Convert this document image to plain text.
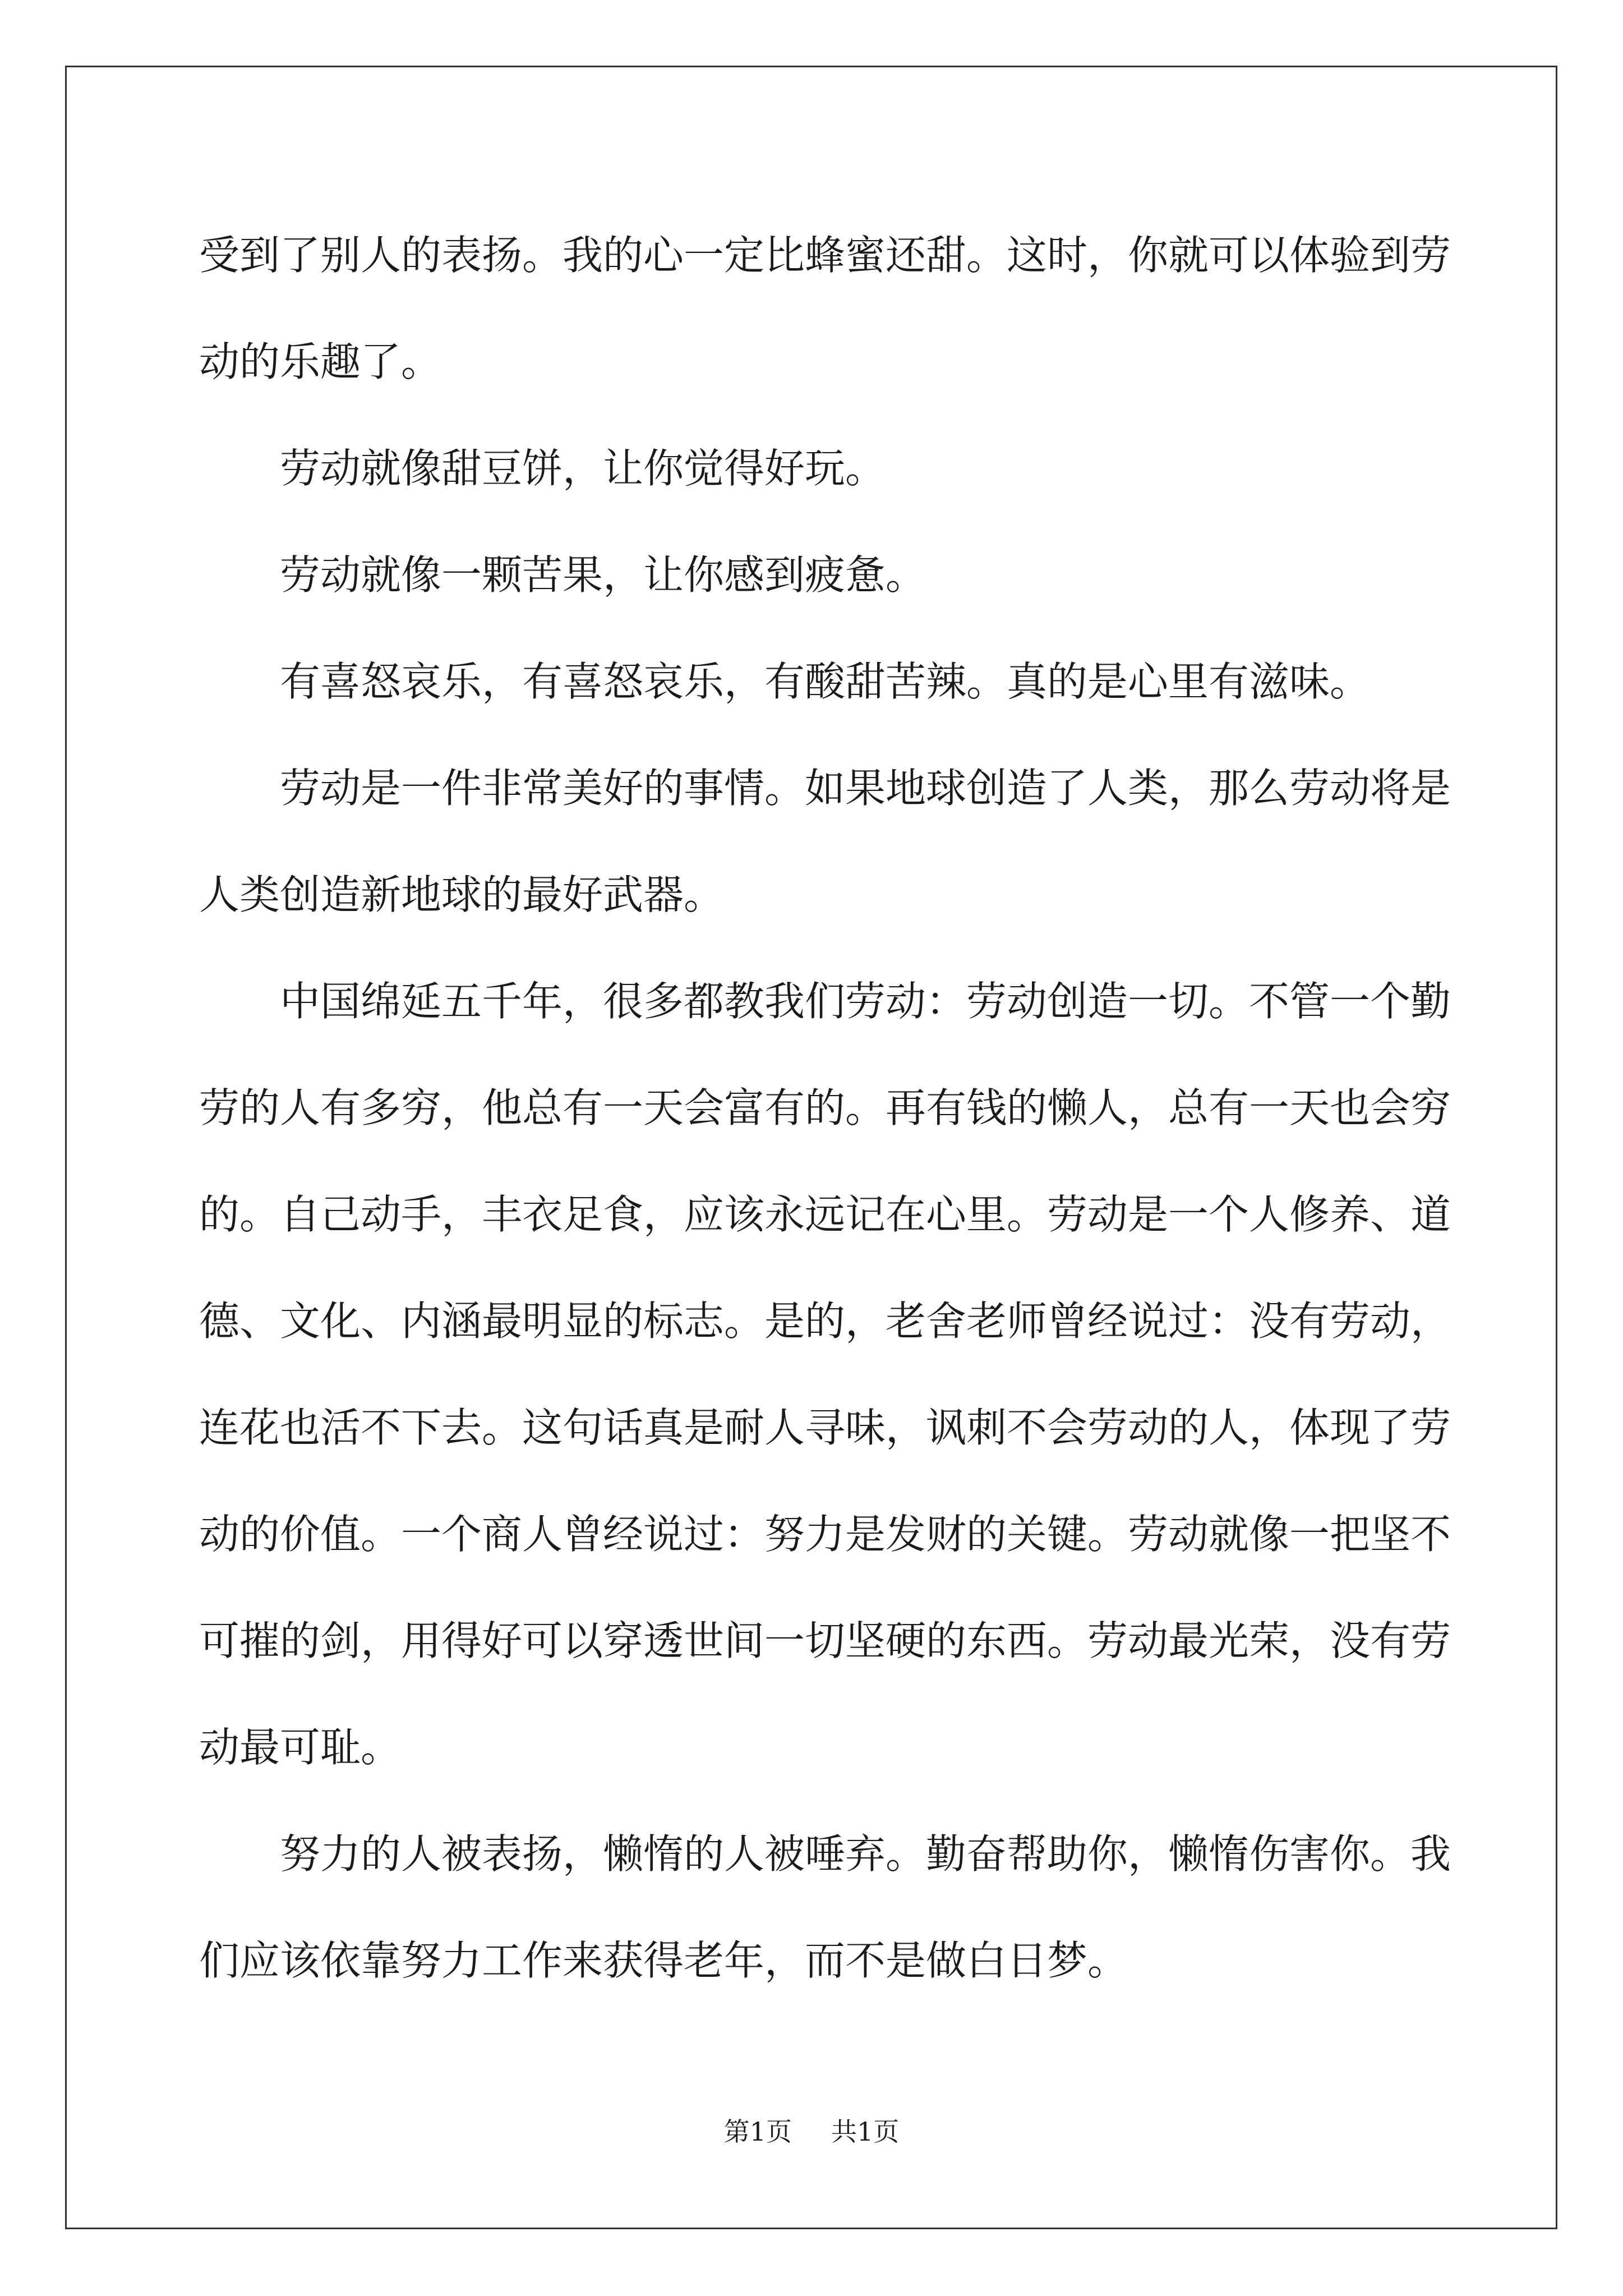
受到了别人的表扬。我的心一定比蜂蜜还甜。这时，你就可以体验到劳动的乐趣了。

　　劳动就像甜豆饼，让你觉得好玩。

　　劳动就像一颗苦果，让你感到疲惫。

　　有喜怒哀乐，有喜怒哀乐，有酸甜苦辣。真的是心里有滋味。

　　劳动是一件非常美好的事情。如果地球创造了人类，那么劳动将是人类创造新地球的最好武器。

　　中国绵延五千年，很多都教我们劳动：劳动创造一切。不管一个勤劳的人有多穷，他总有一天会富有的。再有钱的懒人，总有一天也会穷的。自己动手，丰衣足食，应该永远记在心里。劳动是一个人修养、道德、文化、内涵最明显的标志。是的，老舍老师曾经说过：没有劳动，连花也活不下去。这句话真是耐人寻味，讽刺不会劳动的人，体现了劳动的价值。一个商人曾经说过：努力是发财的关键。劳动就像一把坚不可摧的剑，用得好可以穿透世间一切坚硬的东西。劳动最光荣，没有劳动最可耻。

　　努力的人被表扬，懒惰的人被唾弃。勤奋帮助你，懒惰伤害你。我们应该依靠努力工作来获得老年，而不是做白日梦。

第1页 共1页
